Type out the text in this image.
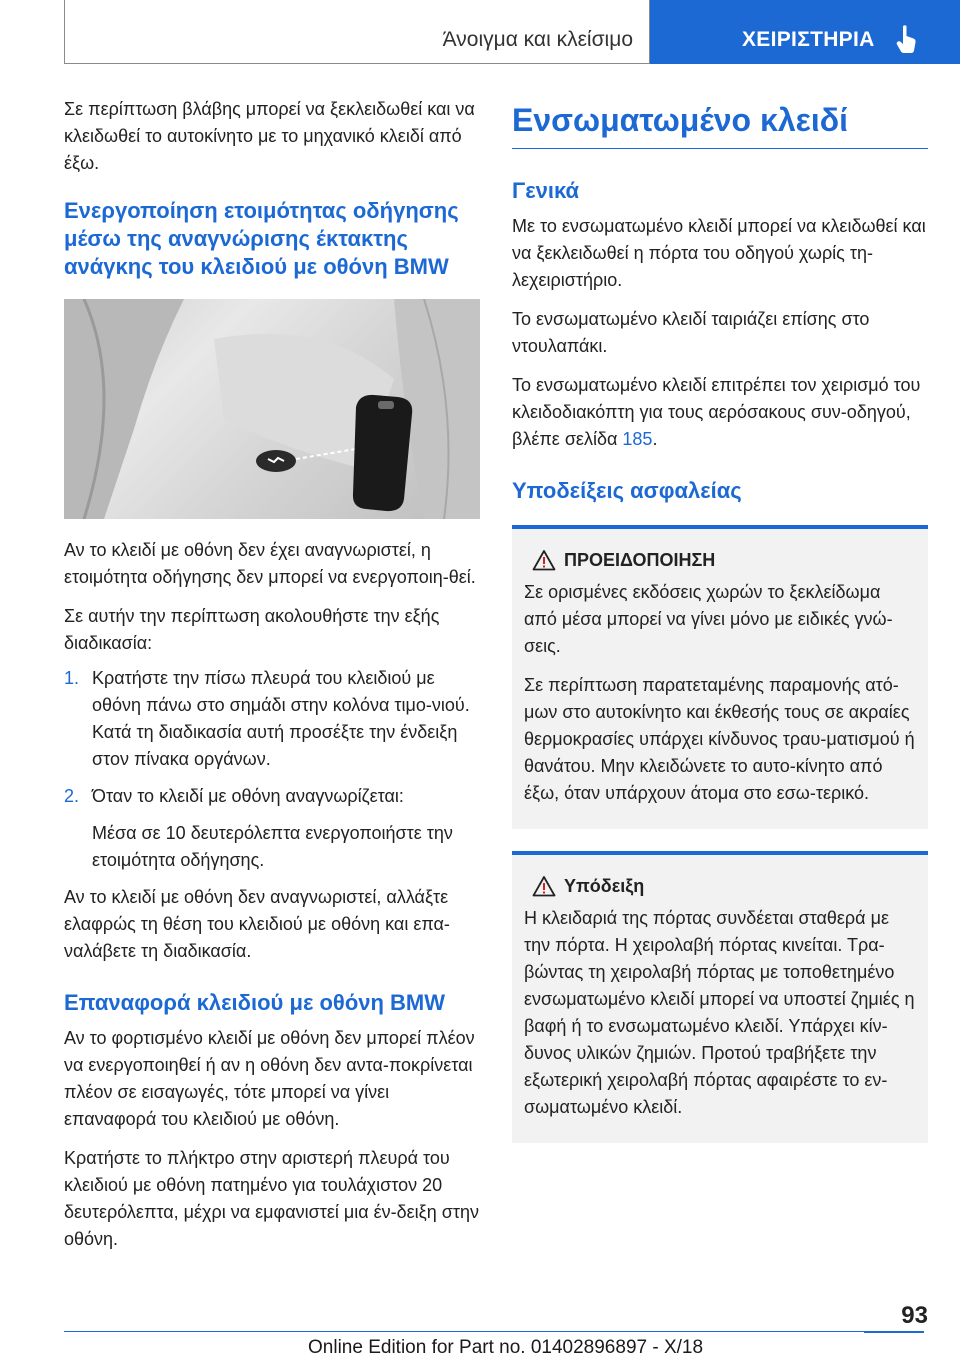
Άνοιγμα και κλείσιμο	ΧΕΙΡΙΣΤΗΡΙΑ

Σε περίπτωση βλάβης μπορεί να ξεκλειδωθεί και να κλειδωθεί το αυτοκίνητο με το μηχανικό κλειδί από έξω.

Ενεργοποίηση ετοιμότητας οδήγησης μέσω της αναγνώρισης έκτακτης ανάγκης του κλειδιού με οθόνη BMW

Αν το κλειδί με οθόνη δεν έχει αναγνωριστεί, η ετοιμότητα οδήγησης δεν μπορεί να ενεργοποιη‐θεί.

Σε αυτήν την περίπτωση ακολουθήστε την εξής διαδικασία:

1. Κρατήστε την πίσω πλευρά του κλειδιού με οθόνη πάνω στο σημάδι στην κολόνα τιμο‐νιού. Κατά τη διαδικασία αυτή προσέξτε την ένδειξη στον πίνακα οργάνων.
2. Όταν το κλειδί με οθόνη αναγνωρίζεται:
Μέσα σε 10 δευτερόλεπτα ενεργοποιήστε την ετοιμότητα οδήγησης.

Αν το κλειδί με οθόνη δεν αναγνωριστεί, αλλάξτε ελαφρώς τη θέση του κλειδιού με οθόνη και επα‐ναλάβετε τη διαδικασία.

Επαναφορά κλειδιού με οθόνη BMW

Αν το φορτισμένο κλειδί με οθόνη δεν μπορεί πλέον να ενεργοποιηθεί ή αν η οθόνη δεν αντα‐ποκρίνεται πλέον σε εισαγωγές, τότε μπορεί να γίνει επαναφορά του κλειδιού με οθόνη.

Κρατήστε το πλήκτρο στην αριστερή πλευρά του κλειδιού με οθόνη πατημένο για τουλάχιστον 20 δευτερόλεπτα, μέχρι να εμφανιστεί μια έν‐δειξη στην οθόνη.

Ενσωματωμένο κλειδί
Γενικά

Με το ενσωματωμένο κλειδί μπορεί να κλειδωθεί και να ξεκλειδωθεί η πόρτα του οδηγού χωρίς τη‐λεχειριστήριο.

Το ενσωματωμένο κλειδί ταιριάζει επίσης στο ντουλαπάκι.

Το ενσωματωμένο κλειδί επιτρέπει τον χειρισμό του κλειδοδιακόπτη για τους αερόσακους συν‐οδηγού, βλέπε σελίδα 185.

Υποδείξεις ασφαλείας
ΠΡΟΕΙΔΟΠΟΙΗΣΗ

Σε ορισμένες εκδόσεις χωρών το ξεκλείδωμα από μέσα μπορεί να γίνει μόνο με ειδικές γνώ‐σεις.

Σε περίπτωση παρατεταμένης παραμονής ατό‐μων στο αυτοκίνητο και έκθεσής τους σε ακραίες θερμοκρασίες υπάρχει κίνδυνος τραυ‐ματισμού ή θανάτου. Μην κλειδώνετε το αυτο‐κίνητο από έξω, όταν υπάρχουν άτομα στο εσω‐τερικό.

Υπόδειξη

Η κλειδαριά της πόρτας συνδέεται σταθερά με την πόρτα. Η χειρολαβή πόρτας κινείται. Τρα‐βώντας τη χειρολαβή πόρτας με τοποθετημένο ενσωματωμένο κλειδί μπορεί να υποστεί ζημιές η βαφή ή το ενσωματωμένο κλειδί. Υπάρχει κίν‐δυνος υλικών ζημιών. Προτού τραβήξετε την εξωτερική χειρολαβή πόρτας αφαιρέστε το εν‐σωματωμένο κλειδί.

93
Online Edition for Part no. 01402896897 - X/18
